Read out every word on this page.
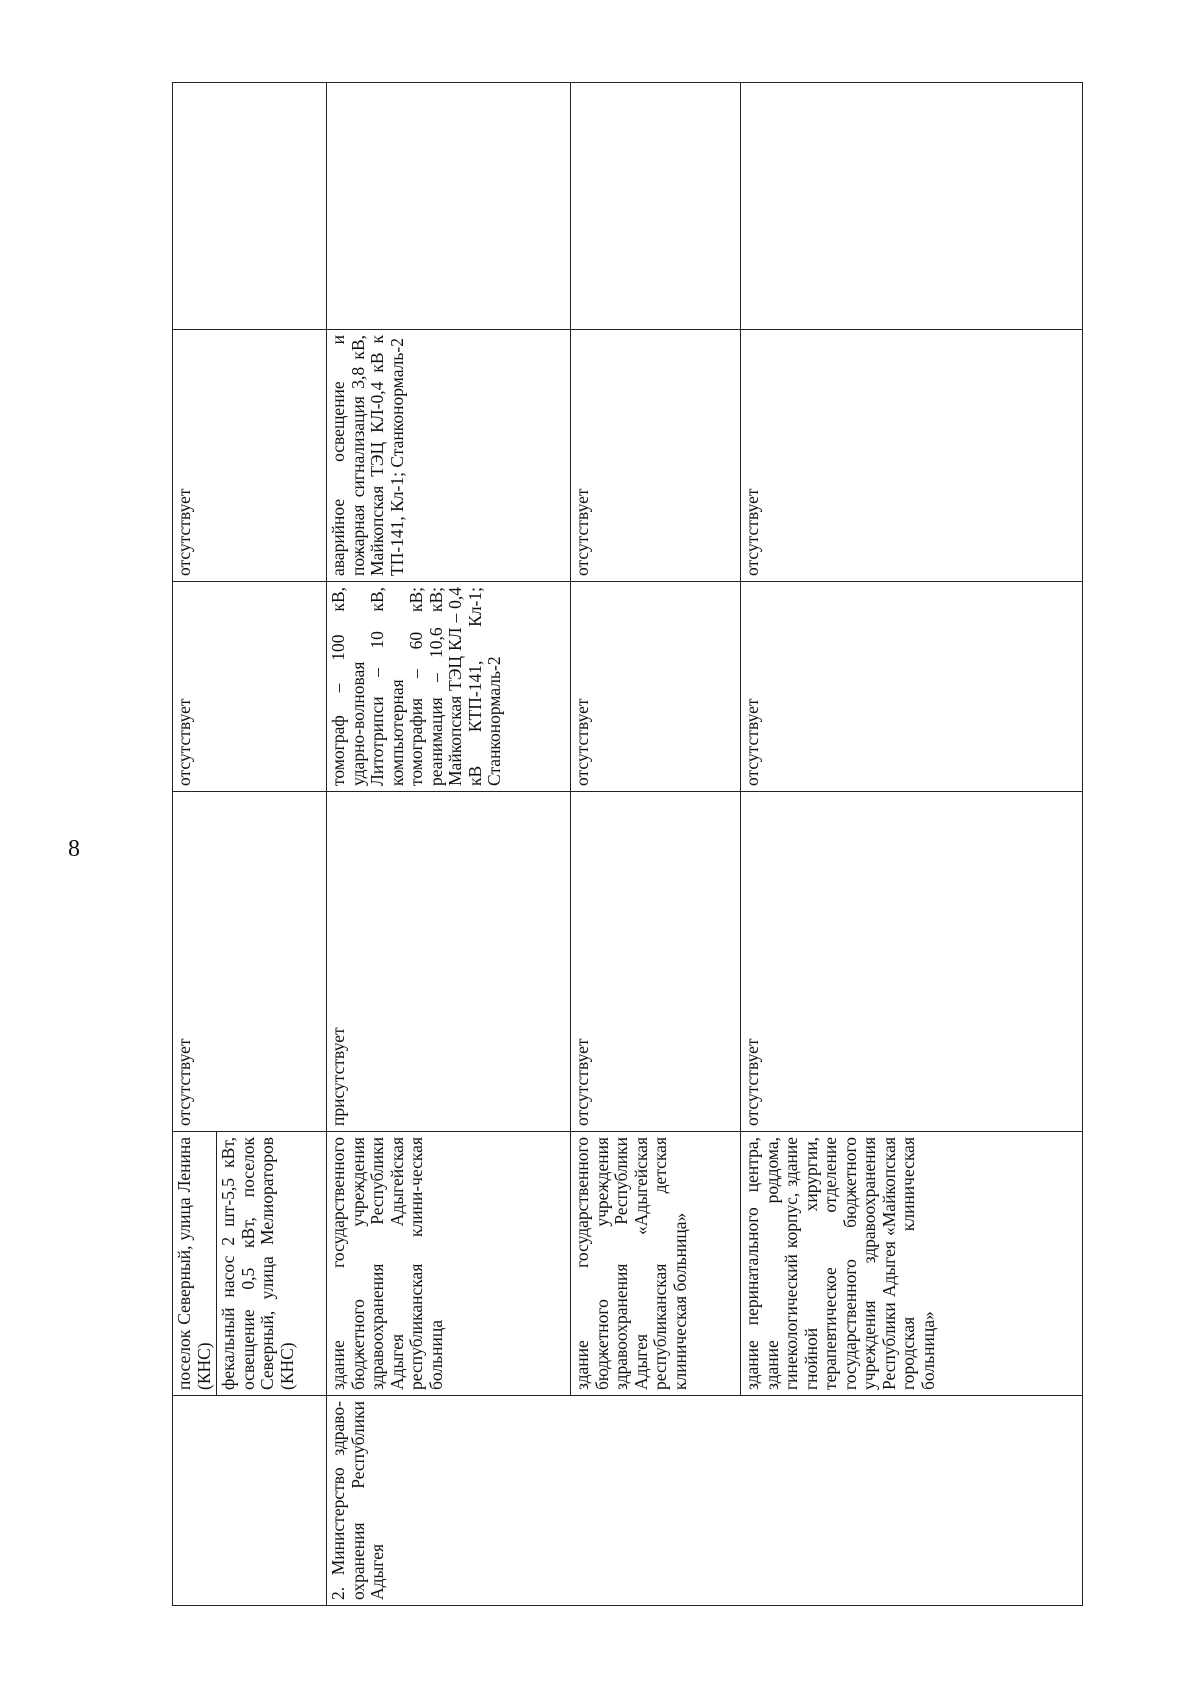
8
	поселок Северный, улица Ленина (КНС)	отсутствует	отсутствует	отсутствует	
	фекальный насос 2 шт-5,5 кВт, освещение 0,5 кВт, поселок Северный, улица Мелиораторов (КНС)				
2. Министерство здраво-охранения Республики Адыгея	здание государственного бюджетного учреждения здравоохранения Республики Адыгея Адыгейская республиканская клини-ческая больница	присутствует	томограф – 100 кВ, ударно-волновая Литотрипси – 10 кВ, компьютерная томография – 60 кВ; реанимация – 10,6 кВ; Майкопская ТЭЦ КЛ – 0,4 кВ КТП-141, Кл-1; Станконормаль-2	аварийное освещение и пожарная сигнализация 3,8 кВ, Майкопская ТЭЦ КЛ-0,4 кВ к ТП-141, Кл-1; Станконормаль-2	
	здание государственного бюджетного учреждения здравоохранения Республики Адыгея «Адыгейская республиканская детская клиническая больница»	отсутствует	отсутствует	отсутствует	
	здание перинатального центра, здание роддома, гинекологический корпус, здание гнойной хирургии, терапевтическое отделение государственного бюджетного учреждения здравоохранения Республики Адыгея «Майкопская городская клиническая больница»	отсутствует	отсутствует	отсутствует	
